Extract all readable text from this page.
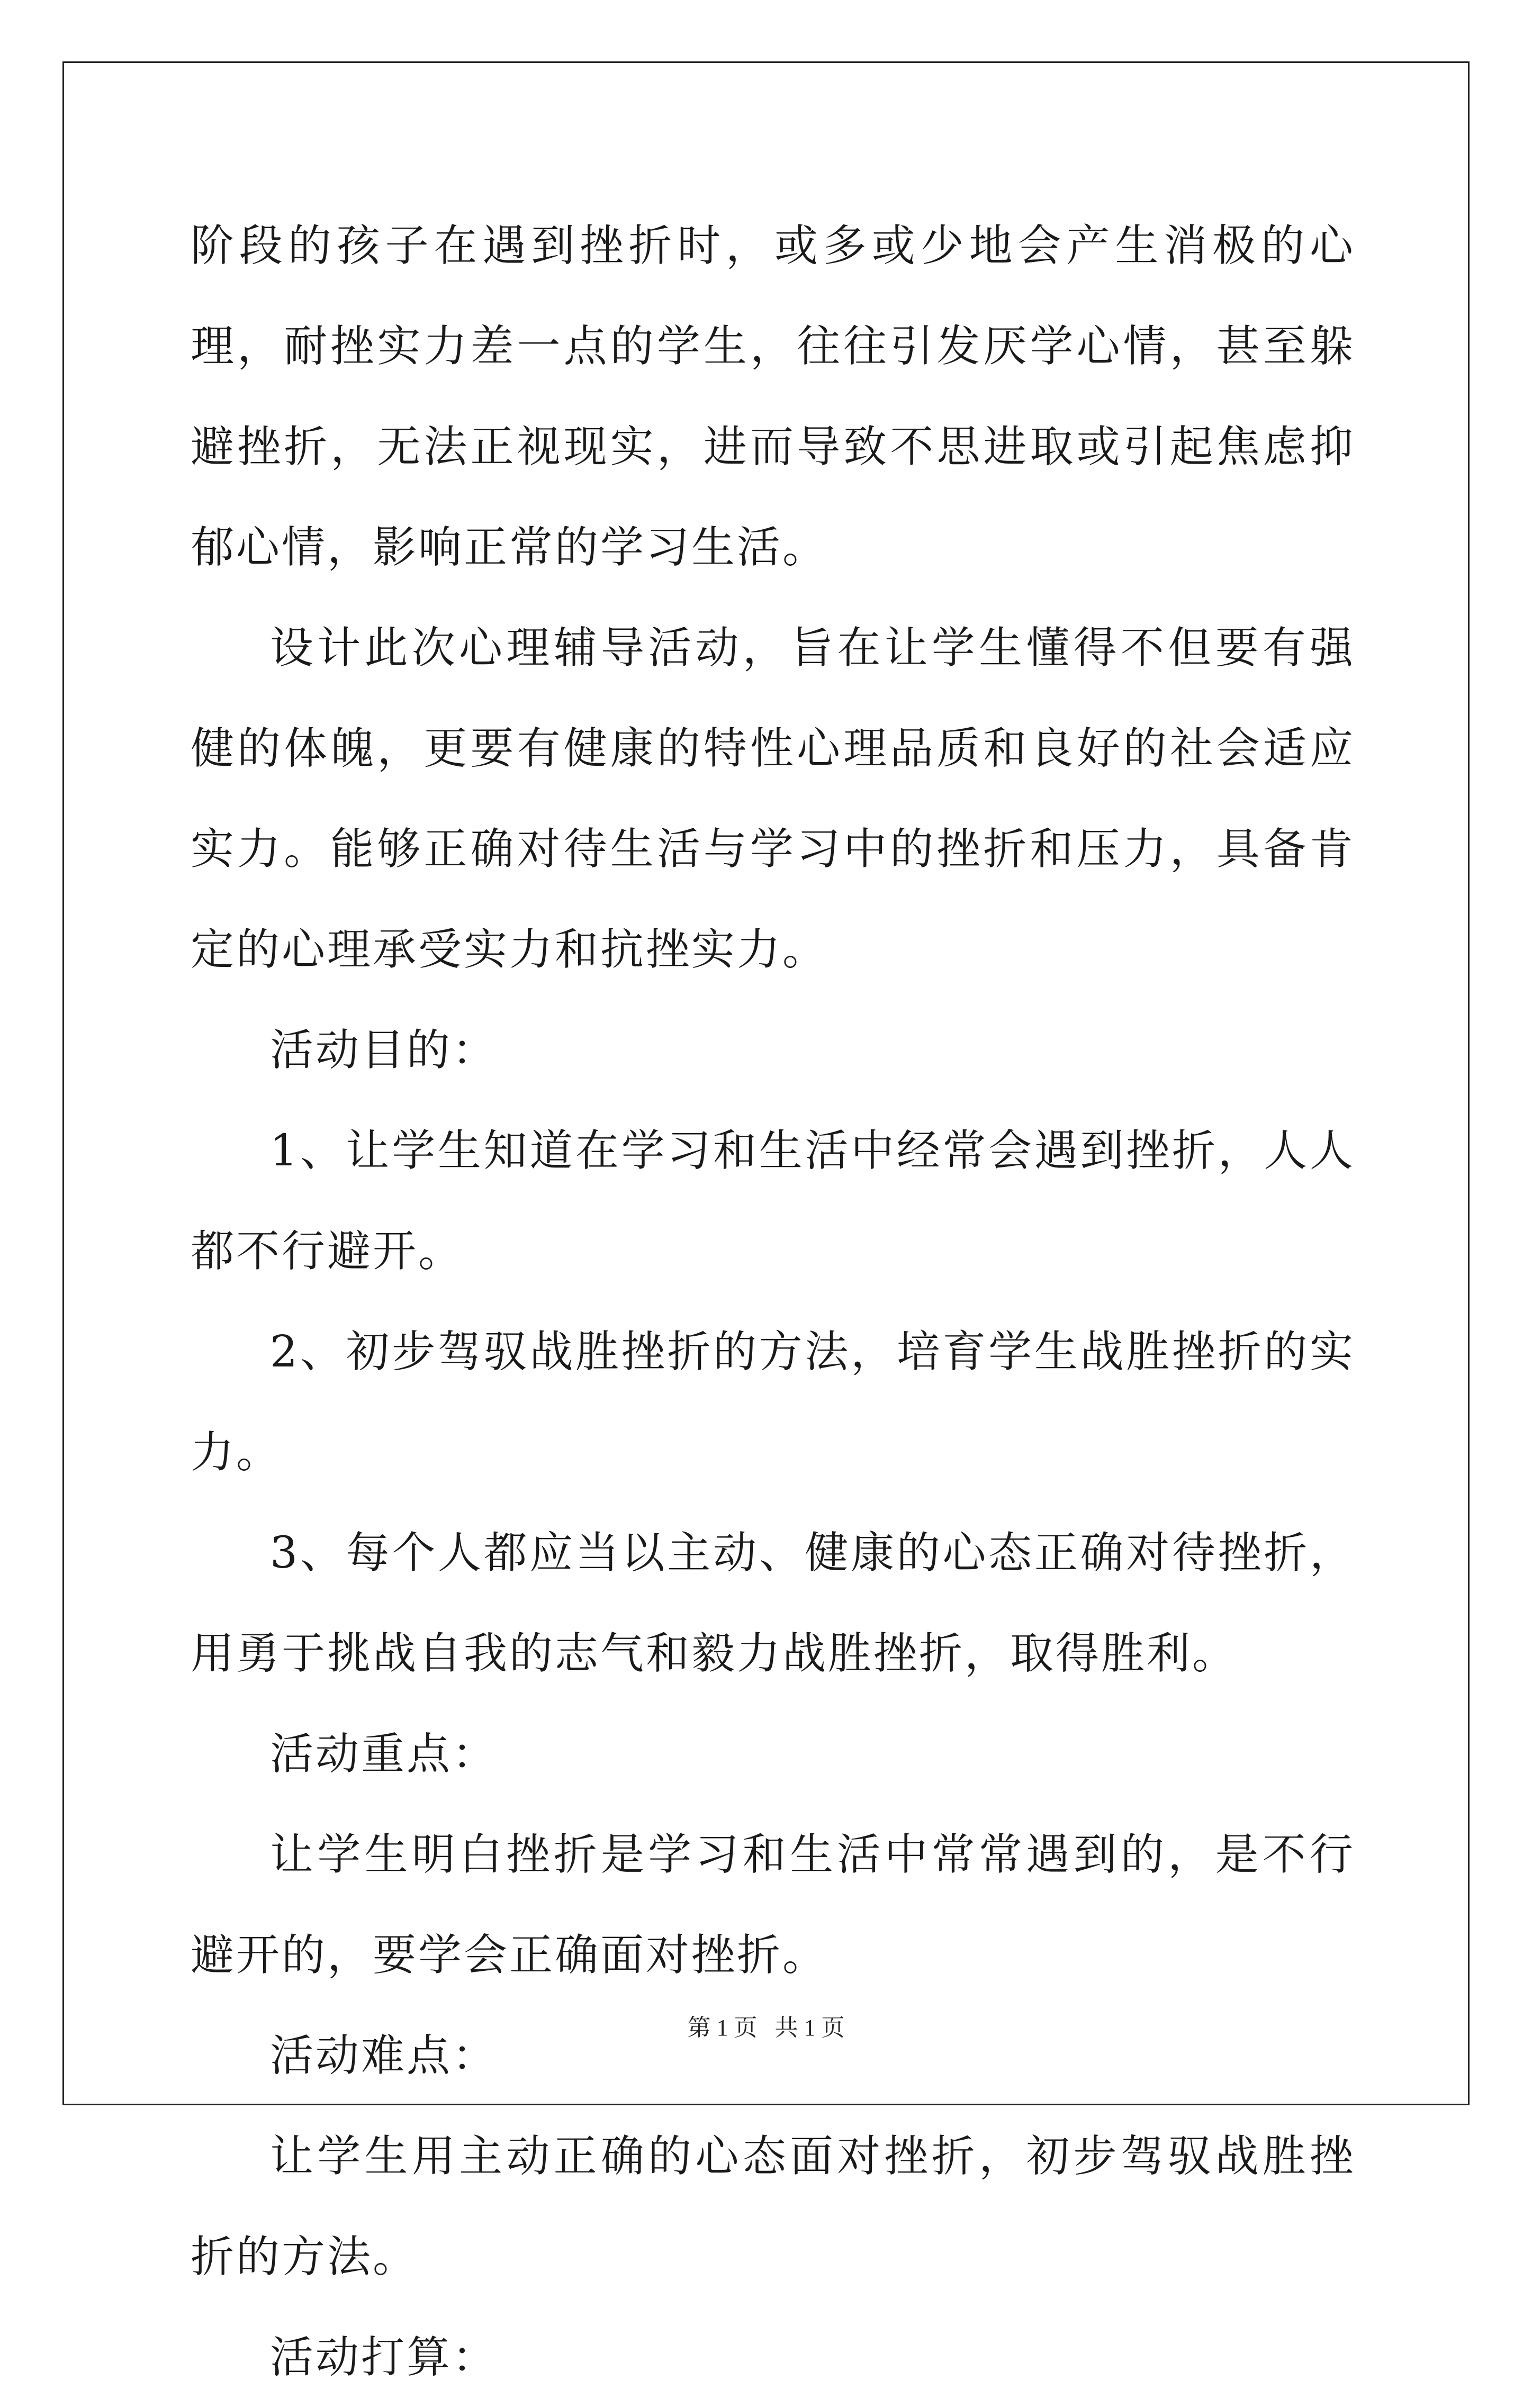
阶段的孩子在遇到挫折时，或多或少地会产生消极的心理，耐挫实力差一点的学生，往往引发厌学心情，甚至躲避挫折，无法正视现实，进而导致不思进取或引起焦虑抑郁心情，影响正常的学习生活。

设计此次心理辅导活动，旨在让学生懂得不但要有强健的体魄，更要有健康的特性心理品质和良好的社会适应实力。能够正确对待生活与学习中的挫折和压力，具备肯定的心理承受实力和抗挫实力。

活动目的：

1、让学生知道在学习和生活中经常会遇到挫折，人人都不行避开。

2、初步驾驭战胜挫折的方法，培育学生战胜挫折的实力。

3、每个人都应当以主动、健康的心态正确对待挫折，用勇于挑战自我的志气和毅力战胜挫折，取得胜利。

活动重点：

让学生明白挫折是学习和生活中常常遇到的，是不行避开的，要学会正确面对挫折。

活动难点：

让学生用主动正确的心态面对挫折，初步驾驭战胜挫折的方法。

活动打算：

第 1 页   共 1 页
